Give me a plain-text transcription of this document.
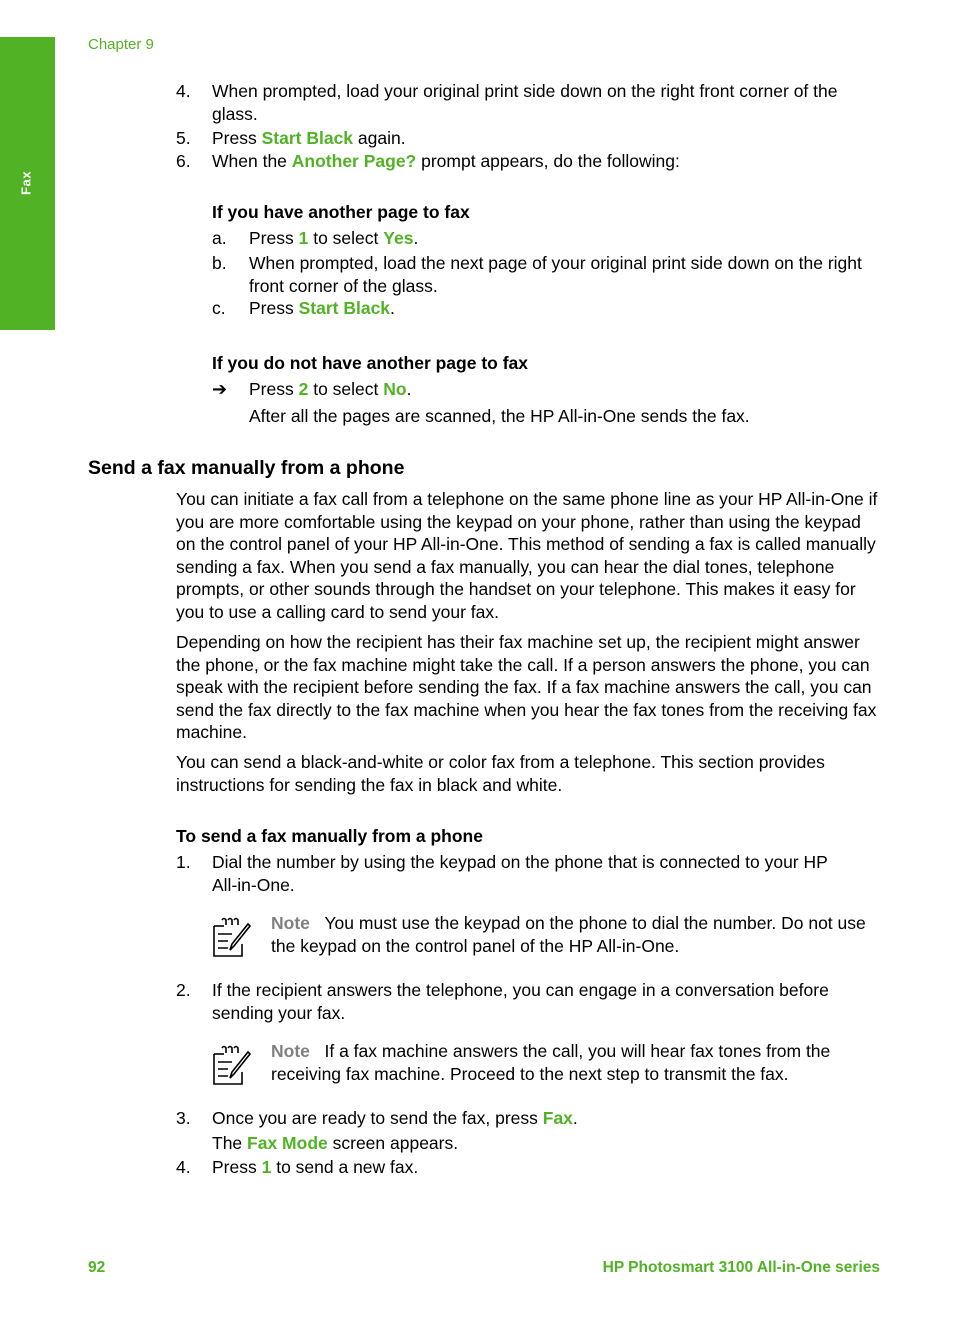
Fax
Chapter 9
4. When prompted, load your original print side down on the right front corner of the glass.
5. Press Start Black again.
6. When the Another Page? prompt appears, do the following:
If you have another page to fax
a. Press 1 to select Yes.
b. When prompted, load the next page of your original print side down on the right front corner of the glass.
c. Press Start Black.
If you do not have another page to fax
➔ Press 2 to select No.
After all the pages are scanned, the HP All-in-One sends the fax.
Send a fax manually from a phone
You can initiate a fax call from a telephone on the same phone line as your HP All-in-One if you are more comfortable using the keypad on your phone, rather than using the keypad on the control panel of your HP All-in-One. This method of sending a fax is called manually sending a fax. When you send a fax manually, you can hear the dial tones, telephone prompts, or other sounds through the handset on your telephone. This makes it easy for you to use a calling card to send your fax.
Depending on how the recipient has their fax machine set up, the recipient might answer the phone, or the fax machine might take the call. If a person answers the phone, you can speak with the recipient before sending the fax. If a fax machine answers the call, you can send the fax directly to the fax machine when you hear the fax tones from the receiving fax machine.
You can send a black-and-white or color fax from a telephone. This section provides instructions for sending the fax in black and white.
To send a fax manually from a phone
1. Dial the number by using the keypad on the phone that is connected to your HP All-in-One.
Note You must use the keypad on the phone to dial the number. Do not use the keypad on the control panel of the HP All-in-One.
2. If the recipient answers the telephone, you can engage in a conversation before sending your fax.
Note If a fax machine answers the call, you will hear fax tones from the receiving fax machine. Proceed to the next step to transmit the fax.
3. Once you are ready to send the fax, press Fax.
The Fax Mode screen appears.
4. Press 1 to send a new fax.
92	HP Photosmart 3100 All-in-One series
